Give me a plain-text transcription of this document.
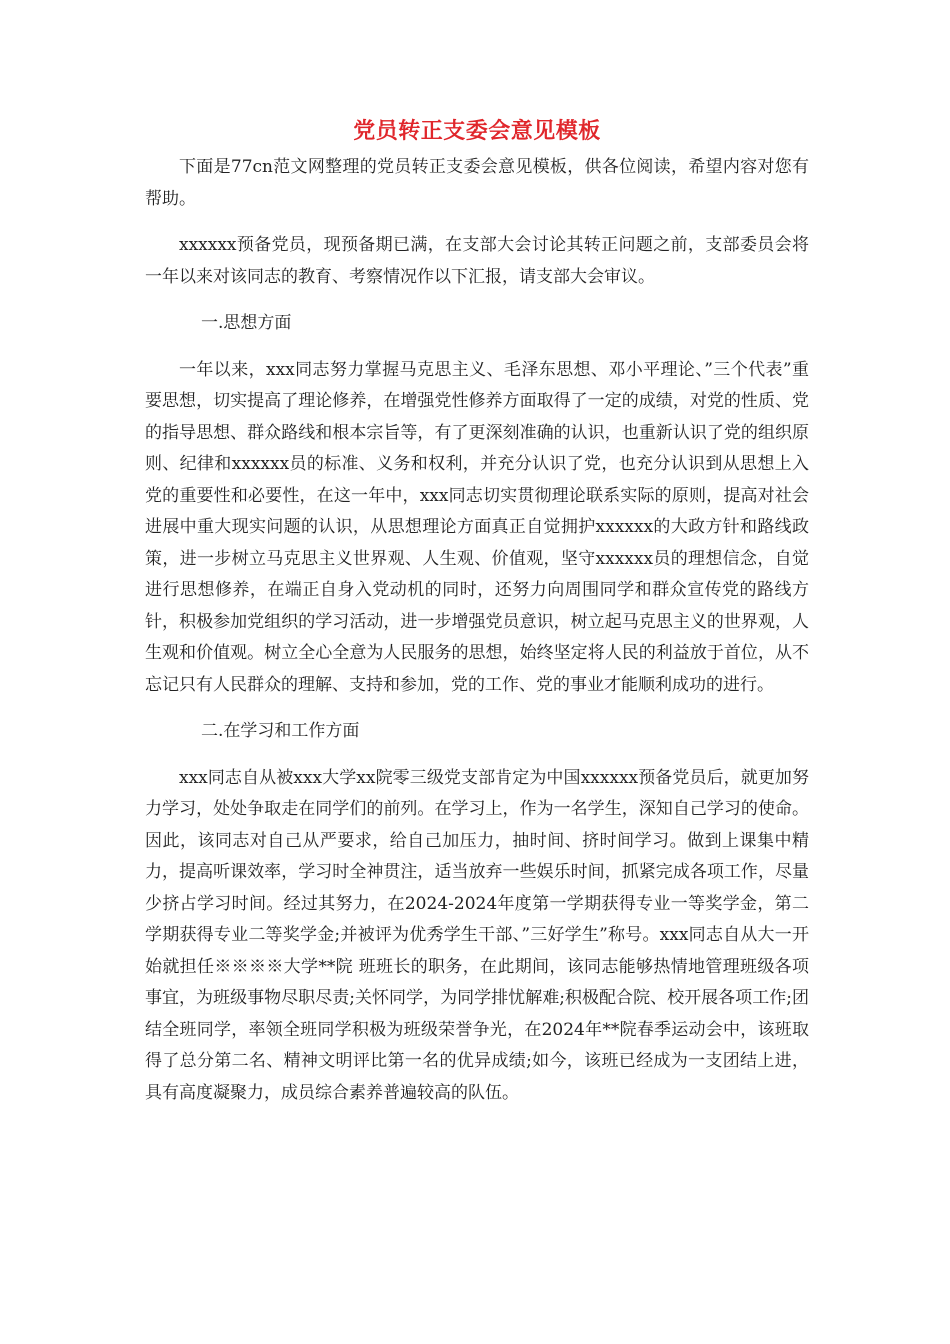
党员转正支委会意见模板

下面是77cn范文网整理的党员转正支委会意见模板，供各位阅读，希望内容对您有帮助。

xxxxxx预备党员，现预备期已满，在支部大会讨论其转正问题之前，支部委员会将一年以来对该同志的教育、考察情况作以下汇报，请支部大会审议。

一.思想方面

一年以来，xxx同志努力掌握马克思主义、毛泽东思想、邓小平理论、”三个代表”重要思想，切实提高了理论修养，在增强党性修养方面取得了一定的成绩，对党的性质、党的指导思想、群众路线和根本宗旨等，有了更深刻准确的认识，也重新认识了党的组织原则、纪律和xxxxxx员的标准、义务和权利，并充分认识了党，也充分认识到从思想上入党的重要性和必要性，在这一年中，xxx同志切实贯彻理论联系实际的原则，提高对社会进展中重大现实问题的认识，从思想理论方面真正自觉拥护xxxxxx的大政方针和路线政策，进一步树立马克思主义世界观、人生观、价值观，坚守xxxxxx员的理想信念，自觉进行思想修养，在端正自身入党动机的同时，还努力向周围同学和群众宣传党的路线方针，积极参加党组织的学习活动，进一步增强党员意识，树立起马克思主义的世界观，人生观和价值观。树立全心全意为人民服务的思想，始终坚定将人民的利益放于首位，从不忘记只有人民群众的理解、支持和参加，党的工作、党的事业才能顺利成功的进行。

二.在学习和工作方面

xxx同志自从被xxx大学xx院零三级党支部肯定为中国xxxxxx预备党员后，就更加努力学习，处处争取走在同学们的前列。在学习上，作为一名学生，深知自己学习的使命。因此，该同志对自己从严要求，给自己加压力，抽时间、挤时间学习。做到上课集中精力，提高听课效率，学习时全神贯注，适当放弃一些娱乐时间，抓紧完成各项工作，尽量少挤占学习时间。经过其努力，在2024-2024年度第一学期获得专业一等奖学金，第二学期获得专业二等奖学金;并被评为优秀学生干部、”三好学生”称号。xxx同志自从大一开始就担任※※※※大学**院 班班长的职务，在此期间，该同志能够热情地管理班级各项事宜，为班级事物尽职尽责;关怀同学，为同学排忧解难;积极配合院、校开展各项工作;团结全班同学，率领全班同学积极为班级荣誉争光，在2024年**院春季运动会中，该班取得了总分第二名、精神文明评比第一名的优异成绩;如今，该班已经成为一支团结上进，具有高度凝聚力，成员综合素养普遍较高的队伍。
